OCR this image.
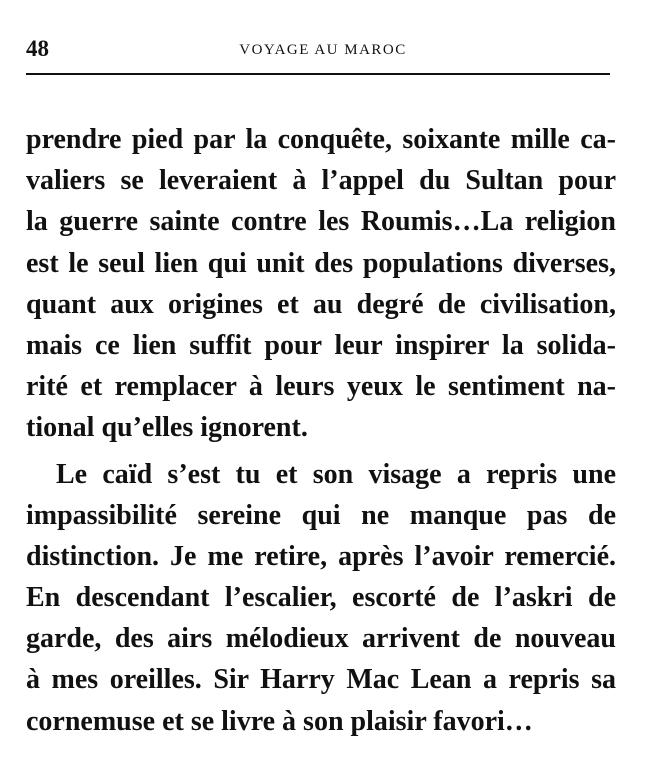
48	VOYAGE AU MAROC
prendre pied par la conquête, soixante mille ca-
valiers se leveraient à l’appel du Sultan pour
la guerre sainte contre les Roumis…La religion
est le seul lien qui unit des populations diverses,
quant aux origines et au degré de civilisation,
mais ce lien suffit pour leur inspirer la solida-
rité et remplacer à leurs yeux le sentiment na-
tional qu’elles ignorent.
Le caïd s’est tu et son visage a repris une
impassibilité sereine qui ne manque pas de
distinction. Je me retire, après l’avoir remercié.
En descendant l’escalier, escorté de l’askri de
garde, des airs mélodieux arrivent de nouveau
à mes oreilles. Sir Harry Mac Lean a repris sa
cornemuse et se livre à son plaisir favori…
